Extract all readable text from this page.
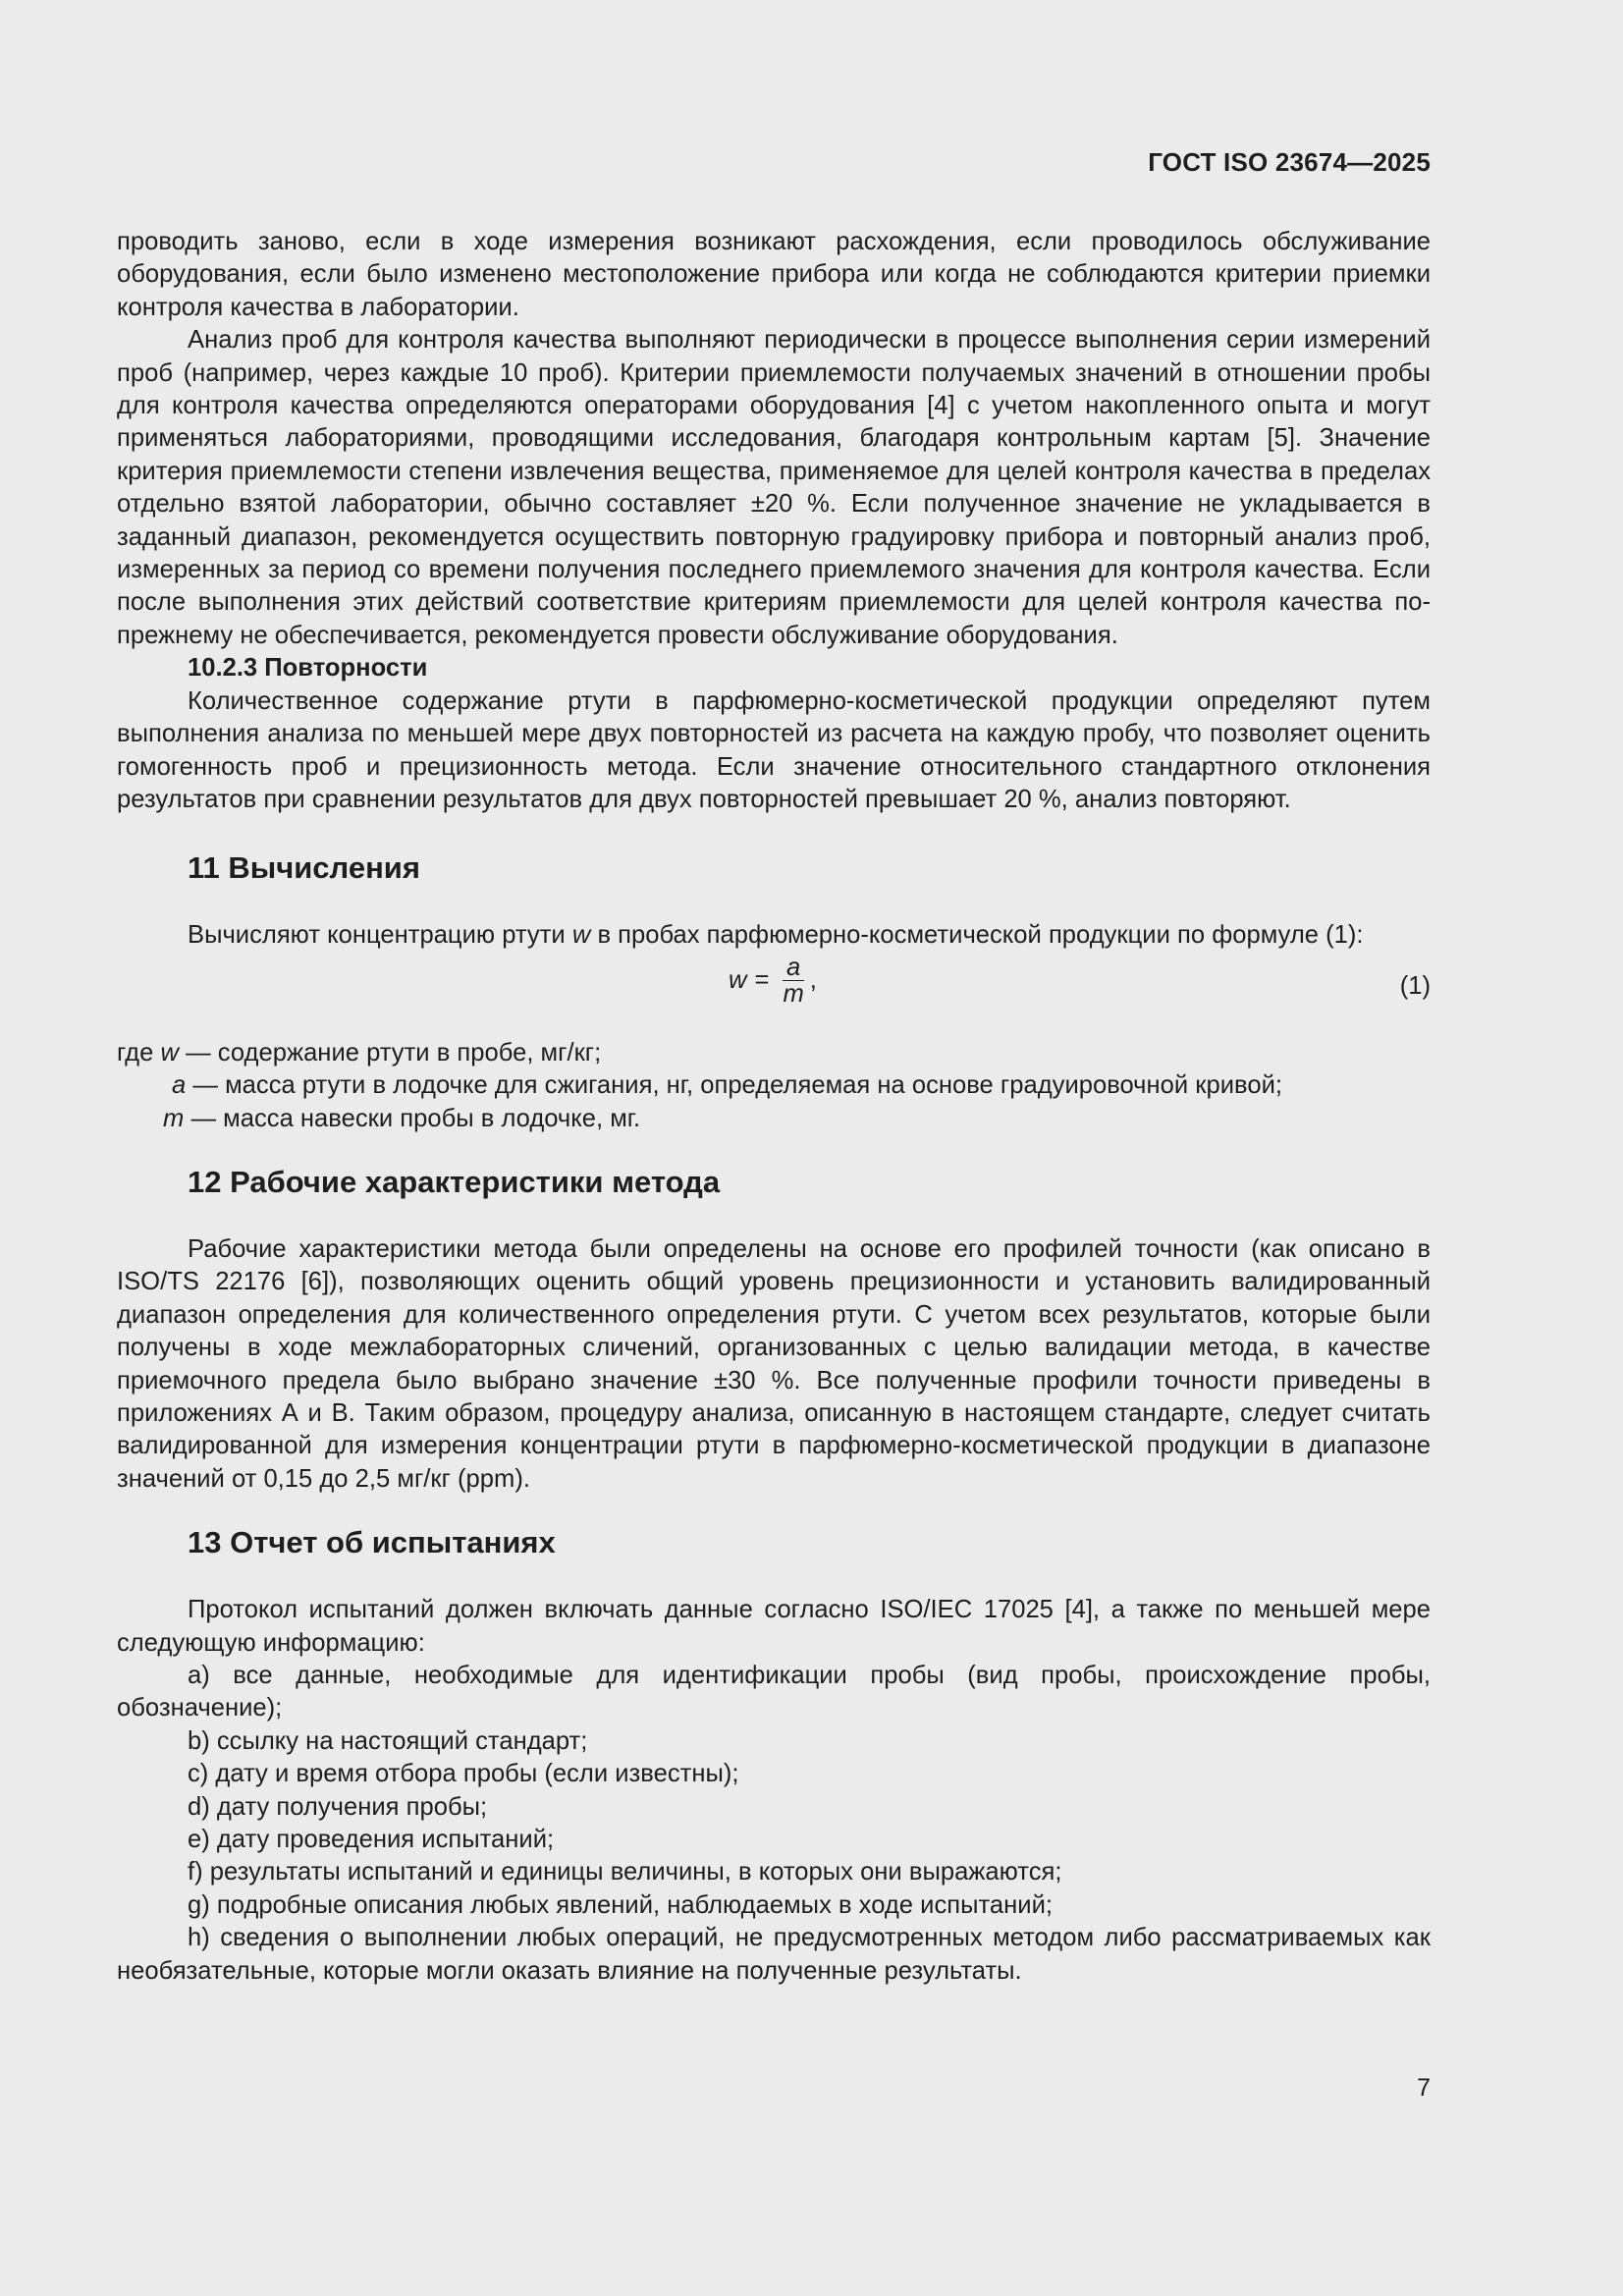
ГОСТ ISO 23674—2025

проводить заново, если в ходе измерения возникают расхождения, если проводилось обслуживание оборудования, если было изменено местоположение прибора или когда не соблюдаются критерии приемки контроля качества в лаборатории.

Анализ проб для контроля качества выполняют периодически в процессе выполнения серии измерений проб (например, через каждые 10 проб). Критерии приемлемости получаемых значений в отношении пробы для контроля качества определяются операторами оборудования [4] с учетом накопленного опыта и могут применяться лабораториями, проводящими исследования, благодаря контрольным картам [5]. Значение критерия приемлемости степени извлечения вещества, применяемое для целей контроля качества в пределах отдельно взятой лаборатории, обычно составляет ±20 %. Если полученное значение не укладывается в заданный диапазон, рекомендуется осуществить повторную градуировку прибора и повторный анализ проб, измеренных за период со времени получения последнего приемлемого значения для контроля качества. Если после выполнения этих действий соответствие критериям приемлемости для целей контроля качества по-прежнему не обеспечивается, рекомендуется провести обслуживание оборудования.

10.2.3 Повторности

Количественное содержание ртути в парфюмерно-косметической продукции определяют путем выполнения анализа по меньшей мере двух повторностей из расчета на каждую пробу, что позволяет оценить гомогенность проб и прецизионность метода. Если значение относительного стандартного отклонения результатов при сравнении результатов для двух повторностей превышает 20 %, анализ повторяют.

11 Вычисления

Вычисляют концентрацию ртути w в пробах парфюмерно-косметической продукции по формуле (1):

$w = \frac{a}{m}$ ,	(1)
где w — содержание ртути в пробе, мг/кг;
a — масса ртути в лодочке для сжигания, нг, определяемая на основе градуировочной кривой;
m — масса навески пробы в лодочке, мг.
12 Рабочие характеристики метода

Рабочие характеристики метода были определены на основе его профилей точности (как описано в ISO/TS 22176 [6]), позволяющих оценить общий уровень прецизионности и установить валидированный диапазон определения для количественного определения ртути. С учетом всех результатов, которые были получены в ходе межлабораторных сличений, организованных с целью валидации метода, в качестве приемочного предела было выбрано значение ±30 %. Все полученные профили точности приведены в приложениях А и В. Таким образом, процедуру анализа, описанную в настоящем стандарте, следует считать валидированной для измерения концентрации ртути в парфюмерно-косметической продукции в диапазоне значений от 0,15 до 2,5 мг/кг (ppm).

13 Отчет об испытаниях

Протокол испытаний должен включать данные согласно ISO/IEC 17025 [4], а также по меньшей мере следующую информацию:

a) все данные, необходимые для идентификации пробы (вид пробы, происхождение пробы, обозначение);

b) ссылку на настоящий стандарт;

c) дату и время отбора пробы (если известны);

d) дату получения пробы;

e) дату проведения испытаний;

f) результаты испытаний и единицы величины, в которых они выражаются;

g) подробные описания любых явлений, наблюдаемых в ходе испытаний;

h) сведения о выполнении любых операций, не предусмотренных методом либо рассматриваемых как необязательные, которые могли оказать влияние на полученные результаты.

7
